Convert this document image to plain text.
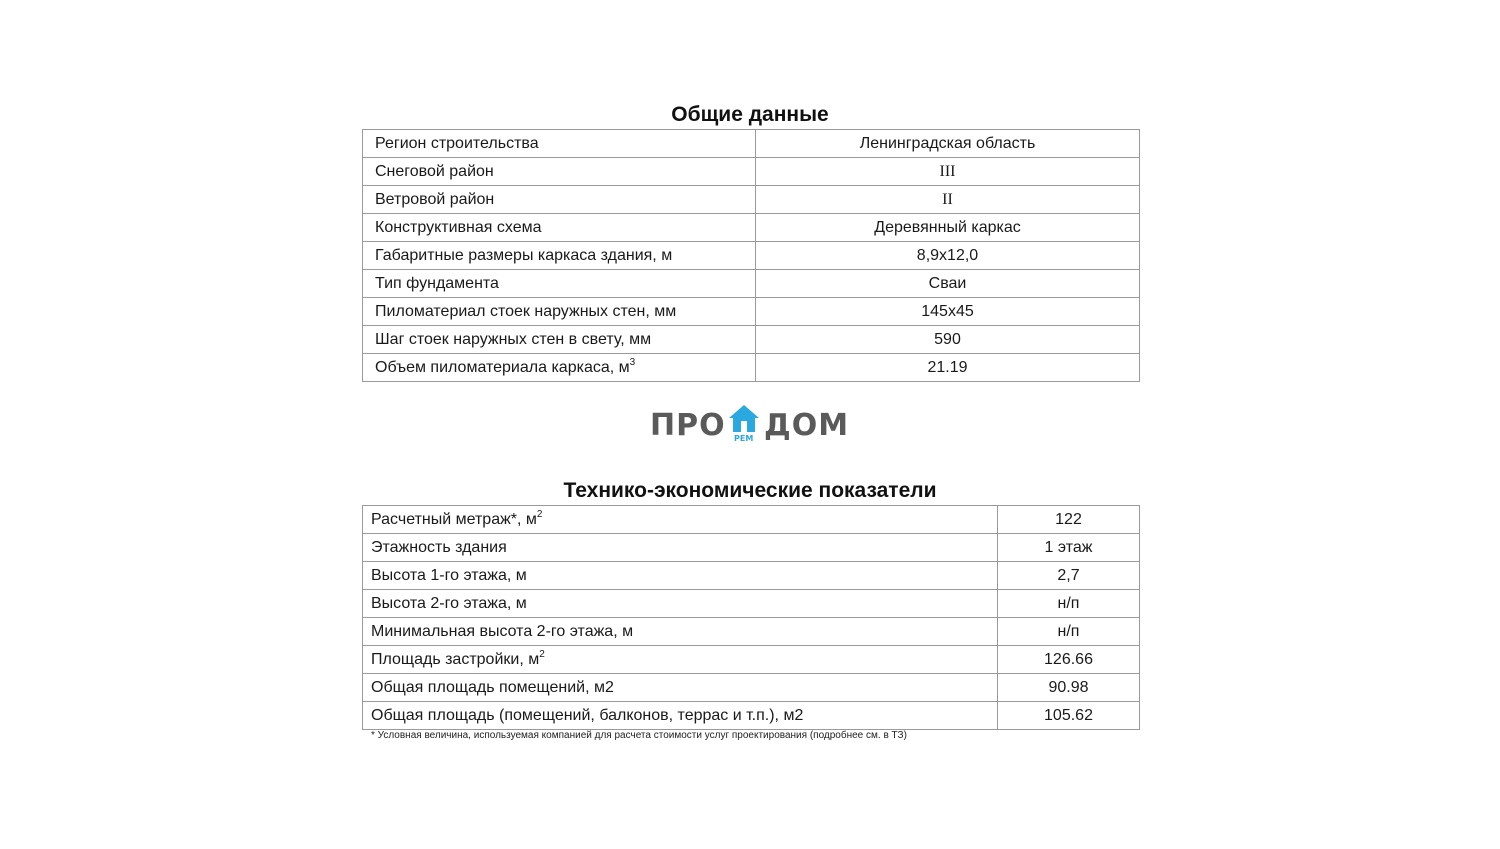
Общие данные
Регион строительства	Ленинградская область
Снеговой район	III
Ветровой район	II
Конструктивная схема	Деревянный каркас
Габаритные размеры каркаса здания, м	8,9х12,0
Тип фундамента	Сваи
Пиломатериал стоек наружных стен, мм	145х45
Шаг стоек наружных стен в свету, мм	590
Объем пиломатериала каркаса, $м^3$	21.19
ПРО РЕМ ДОМ
Технико-экономические показатели
Расчетный метраж*, $м^2$	122
Этажность здания	1 этаж
Высота 1-го этажа, м	2,7
Высота 2-го этажа, м	н/п
Минимальная высота 2-го этажа, м	н/п
Площадь застройки, $м^2$	126.66
Общая площадь помещений, м2	90.98
Общая площадь (помещений, балконов, террас и т.п.), м2	105.62
* Условная величина, используемая компанией для расчета стоимости услуг проектирования (подробнее см. в ТЗ)
